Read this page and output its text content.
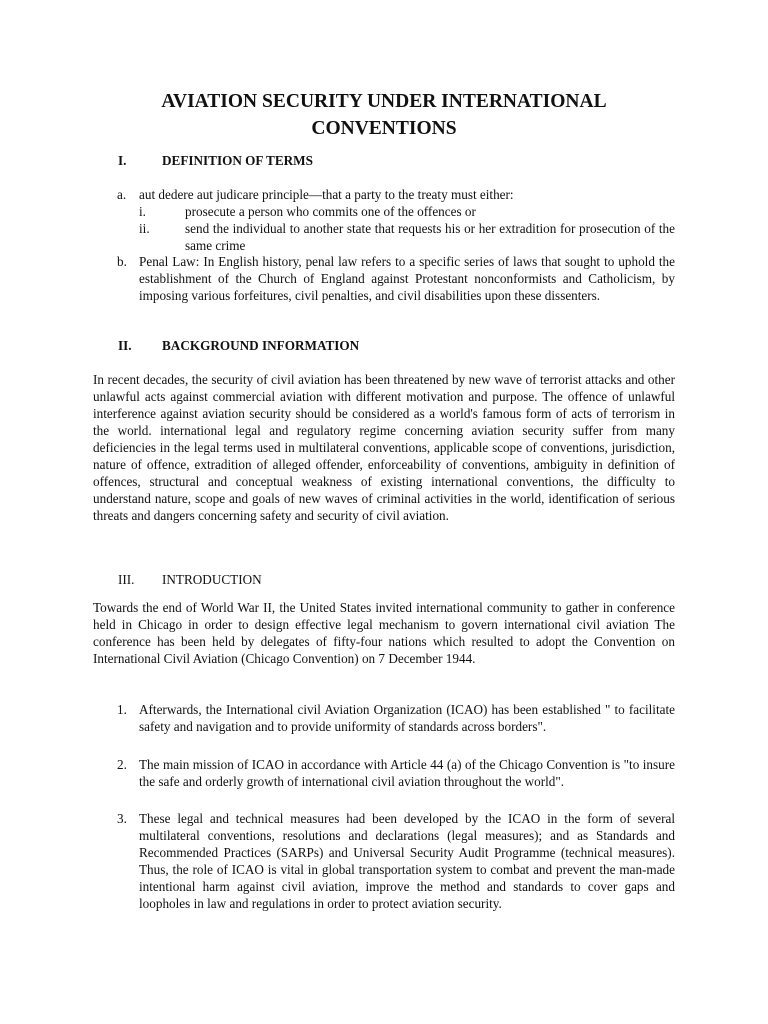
AVIATION SECURITY UNDER INTERNATIONAL CONVENTIONS
I.	DEFINITION OF TERMS
a. aut dedere aut judicare principle—that a party to the treaty must either:

i.	prosecute a person who commits one of the offences or

ii.	send the individual to another state that requests his or her extradition for prosecution of the same crime

b. Penal Law: In English history, penal law refers to a specific series of laws that sought to uphold the establishment of the Church of England against Protestant nonconformists and Catholicism, by imposing various forfeitures, civil penalties, and civil disabilities upon these dissenters.

II. BACKGROUND INFORMATION

In recent decades, the security of civil aviation has been threatened by new wave of terrorist attacks and other unlawful acts against commercial aviation with different motivation and purpose. The offence of unlawful interference against aviation security should be considered as a world's famous form of acts of terrorism in the world. international legal and regulatory regime concerning aviation security suffer from many deficiencies in the legal terms used in multilateral conventions, applicable scope of conventions, jurisdiction, nature of offence, extradition of alleged offender, enforceability of conventions, ambiguity in definition of offences, structural and conceptual weakness of existing international conventions, the difficulty to understand nature, scope and goals of new waves of criminal activities in the world, identification of serious threats and dangers concerning safety and security of civil aviation.

III. INTRODUCTION

Towards the end of World War II, the United States invited international community to gather in conference held in Chicago in order to design effective legal mechanism to govern international civil aviation The conference has been held by delegates of fifty-four nations which resulted to adopt the Convention on International Civil Aviation (Chicago Convention) on 7 December 1944.

1. Afterwards, the International civil Aviation Organization (ICAO) has been established " to facilitate safety and navigation and to provide uniformity of standards across borders".

2. The main mission of ICAO in accordance with Article 44 (a) of the Chicago Convention is "to insure the safe and orderly growth of international civil aviation throughout the world".

3. These legal and technical measures had been developed by the ICAO in the form of several multilateral conventions, resolutions and declarations (legal measures); and as Standards and Recommended Practices (SARPs) and Universal Security Audit Programme (technical measures). Thus, the role of ICAO is vital in global transportation system to combat and prevent the man-made intentional harm against civil aviation, improve the method and standards to cover gaps and loopholes in law and regulations in order to protect aviation security.
